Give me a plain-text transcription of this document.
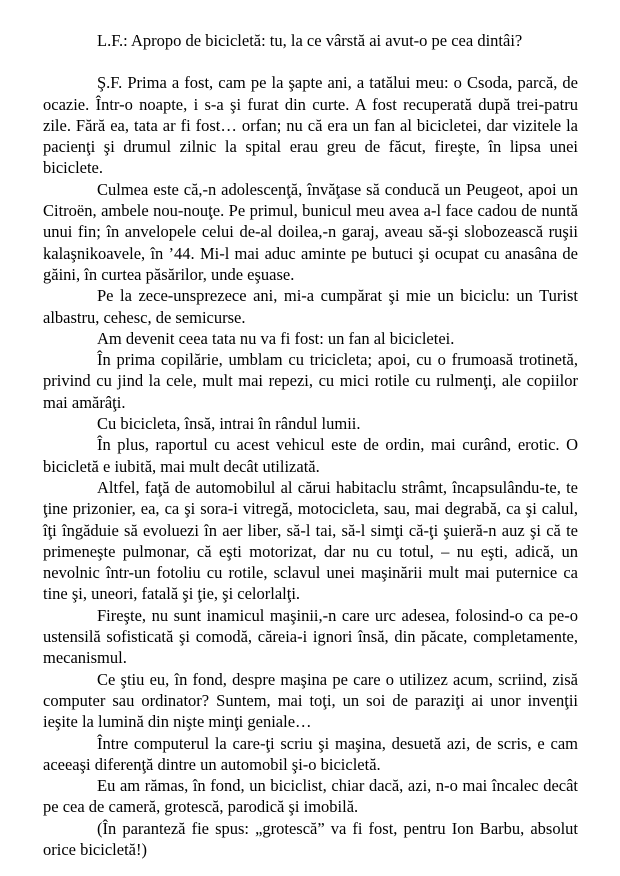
L.F.: Apropo de bicicletă: tu, la ce vârstă ai avut-o pe cea dintâi?

Ş.F. Prima a fost, cam pe la şapte ani, a tatălui meu: o Csoda, parcă, de ocazie. Într-o noapte, i s-a şi furat din curte. A fost recuperată după trei-patru zile. Fără ea, tata ar fi fost… orfan; nu că era un fan al bicicletei, dar vizitele la pacienţi şi drumul zilnic la spital erau greu de făcut, fireşte, în lipsa unei biciclete.

Culmea este că,-n adolescenţă, învăţase să conducă un Peugeot, apoi un Citroën, ambele nou-nouţe. Pe primul, bunicul meu avea a-l face cadou de nuntă unui fin; în anvelopele celui de-al doilea,-n garaj, aveau să-şi slobozească ruşii kalaşnikoavele, în ’44. Mi-l mai aduc aminte pe butuci şi ocupat cu anasâna de găini, în curtea păsărilor, unde eşuase.

Pe la zece-unsprezece ani, mi-a cumpărat şi mie un biciclu: un Turist albastru, cehesc, de semicurse.

Am devenit ceea tata nu va fi fost: un fan al bicicletei.

În prima copilărie, umblam cu tricicleta; apoi, cu o frumoasă trotinetă, privind cu jind la cele, mult mai repezi, cu mici rotile cu rulmenţi, ale copiilor mai amărâţi.

Cu bicicleta, însă, intrai în rândul lumii.

În plus, raportul cu acest vehicul este de ordin, mai curând, erotic. O bicicletă e iubită, mai mult decât utilizată.

Altfel, faţă de automobilul al cărui habitaclu strâmt, încapsulându-te, te ţine prizonier, ea, ca şi sora-i vitregă, motocicleta, sau, mai degrabă, ca şi calul, îţi îngăduie să evoluezi în aer liber, să-l tai, să-l simţi că-ţi şuieră-n auz şi că te primeneşte pulmonar, că eşti motorizat, dar nu cu totul, – nu eşti, adică, un nevolnic într-un fotoliu cu rotile, sclavul unei maşinării mult mai puternice ca tine şi, uneori, fatală şi ţie, şi celorlalţi.

Fireşte, nu sunt inamicul maşinii,-n care urc adesea, folosind-o ca pe-o ustensilă sofisticată şi comodă, căreia-i ignori însă, din păcate, completamente, mecanismul.

Ce ştiu eu, în fond, despre maşina pe care o utilizez acum, scriind, zisă computer sau ordinator? Suntem, mai toţi, un soi de paraziţi ai unor invenţii ieşite la lumină din nişte minţi geniale…

Între computerul la care-ţi scriu şi maşina, desuetă azi, de scris, e cam aceeaşi diferenţă dintre un automobil şi-o bicicletă.

Eu am rămas, în fond, un biciclist, chiar dacă, azi, n-o mai încalec decât pe cea de cameră, grotescă, parodică şi imobilă.

(În paranteză fie spus: „grotescă” va fi fost, pentru Ion Barbu, absolut orice bicicletă!)
